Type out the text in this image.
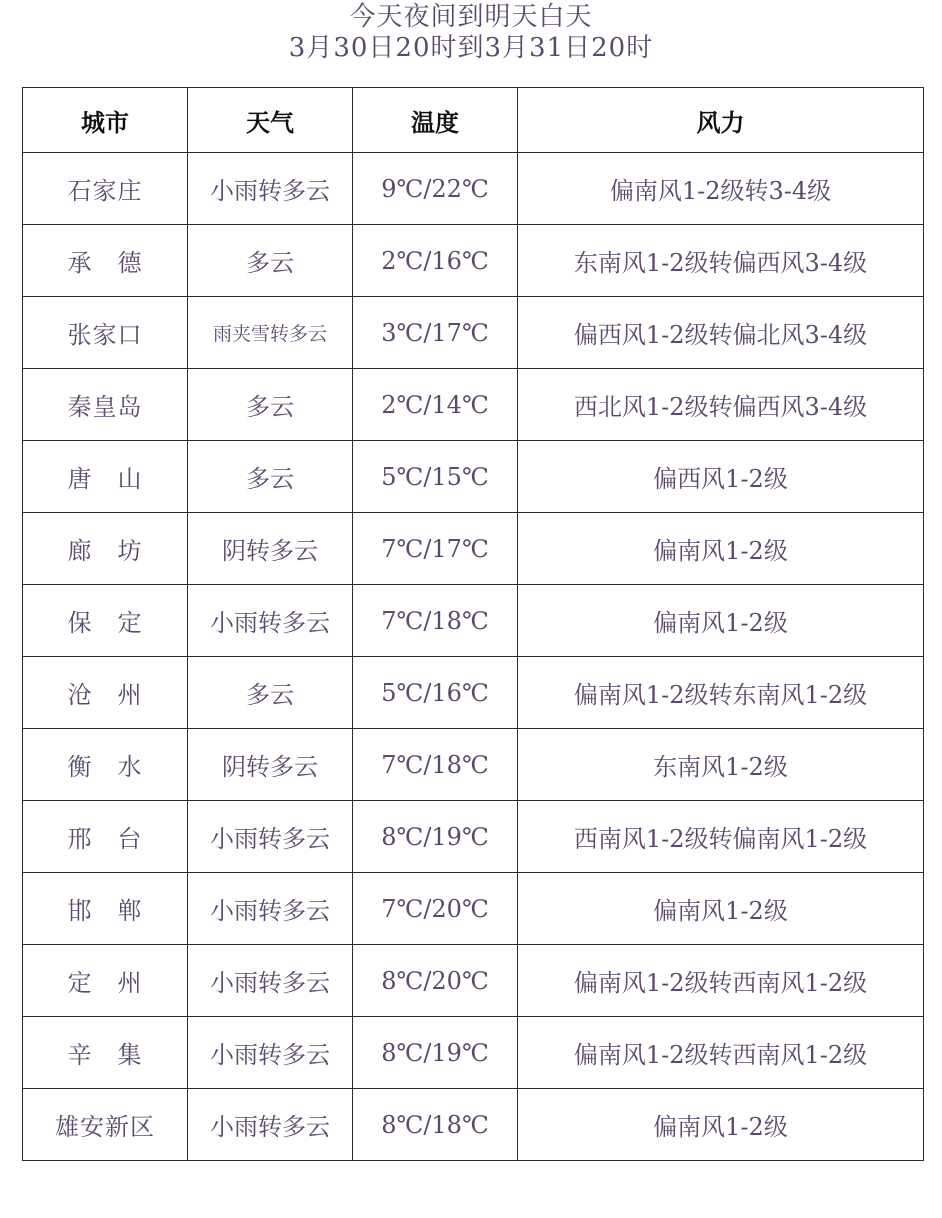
今天夜间到明天白天
3月30日20时到3月31日20时
城市	天气	温度	风力
石家庄	小雨转多云	9℃/22℃	偏南风1-2级转3-4级
承　德	多云	2℃/16℃	东南风1-2级转偏西风3-4级
张家口	雨夹雪转多云	3℃/17℃	偏西风1-2级转偏北风3-4级
秦皇岛	多云	2℃/14℃	西北风1-2级转偏西风3-4级
唐　山	多云	5℃/15℃	偏西风1-2级
廊　坊	阴转多云	7℃/17℃	偏南风1-2级
保　定	小雨转多云	7℃/18℃	偏南风1-2级
沧　州	多云	5℃/16℃	偏南风1-2级转东南风1-2级
衡　水	阴转多云	7℃/18℃	东南风1-2级
邢　台	小雨转多云	8℃/19℃	西南风1-2级转偏南风1-2级
邯　郸	小雨转多云	7℃/20℃	偏南风1-2级
定　州	小雨转多云	8℃/20℃	偏南风1-2级转西南风1-2级
辛　集	小雨转多云	8℃/19℃	偏南风1-2级转西南风1-2级
雄安新区	小雨转多云	8℃/18℃	偏南风1-2级
